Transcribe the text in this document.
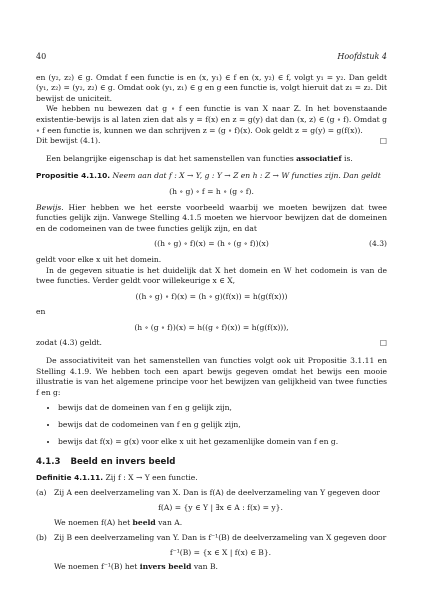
40	Hoofdstuk 4

en (y₂, z₂) ∈ g. Omdat f een functie is en (x, y₁) ∈ f en (x, y₂) ∈ f, volgt y₁ = y₂. Dan geldt (y₁, z₂) = (y₂, z₂) ∈ g. Omdat ook (y₁, z₁) ∈ g en g een functie is, volgt hieruit dat z₁ = z₂. Dit bewijst de uniciteit.

We hebben nu bewezen dat g ∘ f een functie is van X naar Z. In het bovenstaande existentie-bewijs is al laten zien dat als y = f(x) en z = g(y) dat dan (x, z) ∈ (g ∘ f). Omdat g ∘ f een functie is, kunnen we dan schrijven z = (g ∘ f)(x). Ook geldt z = g(y) = g(f(x)).

Dit bewijst (4.1).	□

Een belangrijke eigenschap is dat het samenstellen van functies associatief is.

Propositie 4.1.10. Neem aan dat f : X → Y, g : Y → Z en h : Z → W functies zijn. Dan geldt

(h ∘ g) ∘ f = h ∘ (g ∘ f).

Bewijs. Hier hebben we het eerste voorbeeld waarbij we moeten bewijzen dat twee functies gelijk zijn. Vanwege Stelling 4.1.5 moeten we hiervoor bewijzen dat de domeinen en de codomeinen van de twee functies gelijk zijn, en dat

((h ∘ g) ∘ f)(x) = (h ∘ (g ∘ f))(x)	(4.3)

geldt voor elke x uit het domein.

In de gegeven situatie is het duidelijk dat X het domein en W het codomein is van de twee functies. Verder geldt voor willekeurige x ∈ X,

((h ∘ g) ∘ f)(x) = (h ∘ g)(f(x)) = h(g(f(x)))

en

(h ∘ (g ∘ f))(x) = h((g ∘ f)(x)) = h(g(f(x))),
zodat (4.3) geldt.	□

De associativiteit van het samenstellen van functies volgt ook uit Propositie 3.1.11 en Stelling 4.1.9. We hebben toch een apart bewijs gegeven omdat het bewijs een mooie illustratie is van het algemene principe voor het bewijzen van gelijkheid van twee functies f en g:

• bewijs dat de domeinen van f en g gelijk zijn,
• bewijs dat de codomeinen van f en g gelijk zijn,
• bewijs dat f(x) = g(x) voor elke x uit het gezamenlijke domein van f en g.
4.1.3 Beeld en invers beeld

Definitie 4.1.11. Zij f : X → Y een functie.

(a) Zij A een deelverzameling van X. Dan is f(A) de deelverzameling van Y gegeven door

f(A) = {y ∈ Y | ∃x ∈ A : f(x) = y}.

We noemen f(A) het beeld van A.

(b) Zij B een deelverzameling van Y. Dan is f⁻¹(B) de deelverzameling van X gegeven door

f⁻¹(B) = {x ∈ X | f(x) ∈ B}.

We noemen f⁻¹(B) het invers beeld van B.
